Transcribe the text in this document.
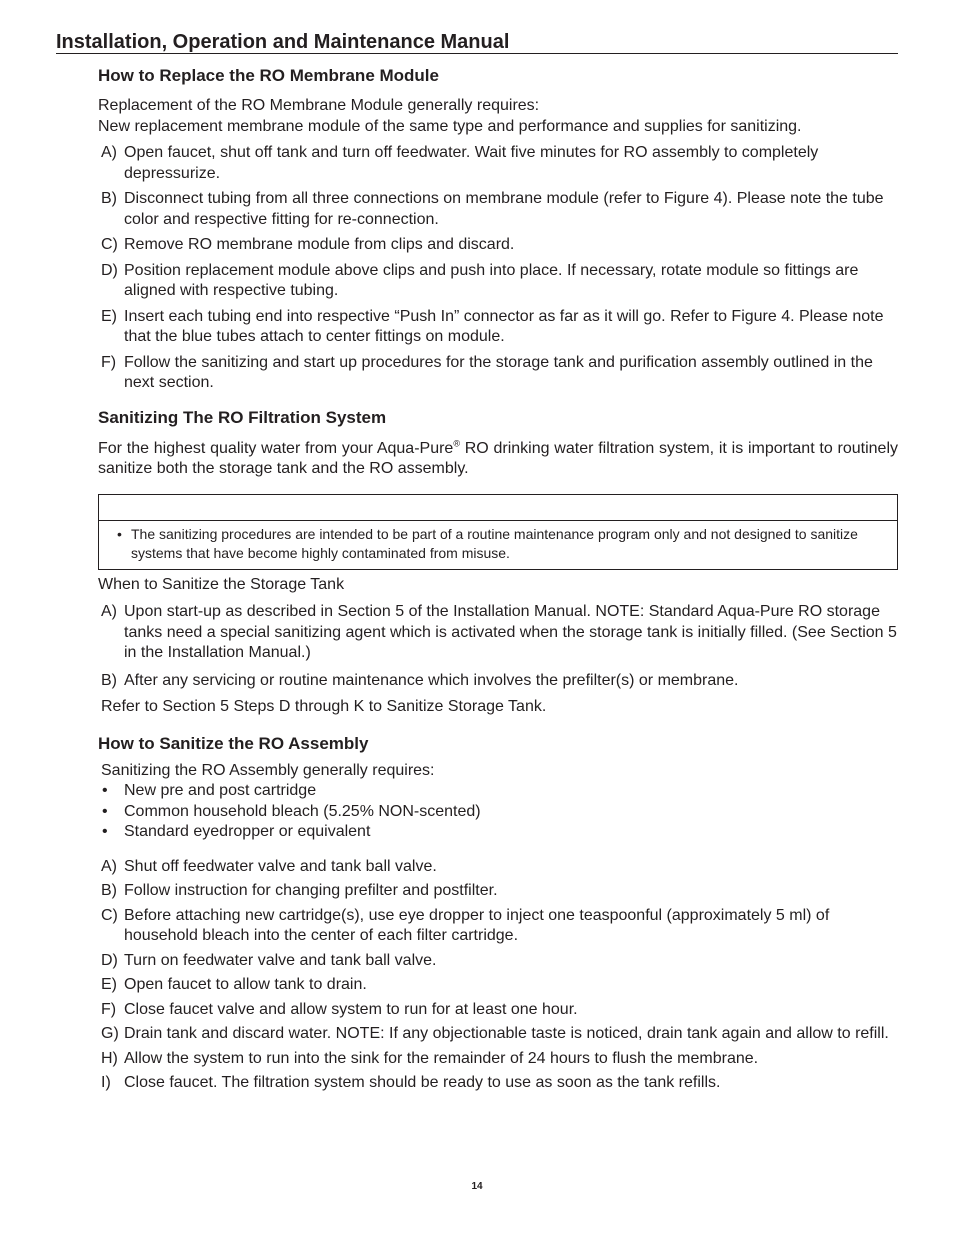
Installation, Operation and Maintenance Manual
How to Replace the RO Membrane Module

Replacement of the RO Membrane Module generally requires:

New replacement membrane module of the same type and performance and supplies for sanitizing.

A) Open faucet, shut off tank and turn off feedwater. Wait five minutes for RO assembly to completely depressurize.
B) Disconnect tubing from all three connections on membrane module (refer to Figure 4). Please note the tube color and respective fitting for re-connection.
C) Remove RO membrane module from clips and discard.
D) Position replacement module above clips and push into place. If necessary, rotate module so fittings are aligned with respective tubing.
E) Insert each tubing end into respective “Push In” connector as far as it will go. Refer to Figure 4. Please note that the blue tubes attach to center fittings on module.
F) Follow the sanitizing and start up procedures for the storage tank and purification assembly outlined in the next section.
Sanitizing The RO Filtration System

For the highest quality water from your Aqua-Pure® RO drinking water filtration system, it is important to routinely sanitize both the storage tank and the RO assembly.

• The sanitizing procedures are intended to be part of a routine maintenance program only and not designed to sanitize systems that have become highly contaminated from misuse.

When to Sanitize the Storage Tank

A) Upon start-up as described in Section 5 of the Installation Manual. NOTE: Standard Aqua-Pure RO storage tanks need a special sanitizing agent which is activated when the storage tank is initially filled. (See Section 5 in the Installation Manual.)
B) After any servicing or routine maintenance which involves the prefilter(s) or membrane.

Refer to Section 5 Steps D through K to Sanitize Storage Tank.

How to Sanitize the RO Assembly

Sanitizing the RO Assembly generally requires:

• New pre and post cartridge
• Common household bleach (5.25% NON-scented)
• Standard eyedropper or equivalent
A) Shut off feedwater valve and tank ball valve.
B) Follow instruction for changing prefilter and postfilter.
C) Before attaching new cartridge(s), use eye dropper to inject one teaspoonful (approximately 5 ml) of household bleach into the center of each filter cartridge.
D) Turn on feedwater valve and tank ball valve.
E) Open faucet to allow tank to drain.
F) Close faucet valve and allow system to run for at least one hour.
G) Drain tank and discard water. NOTE: If any objectionable taste is noticed, drain tank again and allow to refill.
H) Allow the system to run into the sink for the remainder of 24 hours to flush the membrane.
I) Close faucet. The filtration system should be ready to use as soon as the tank refills.
14
